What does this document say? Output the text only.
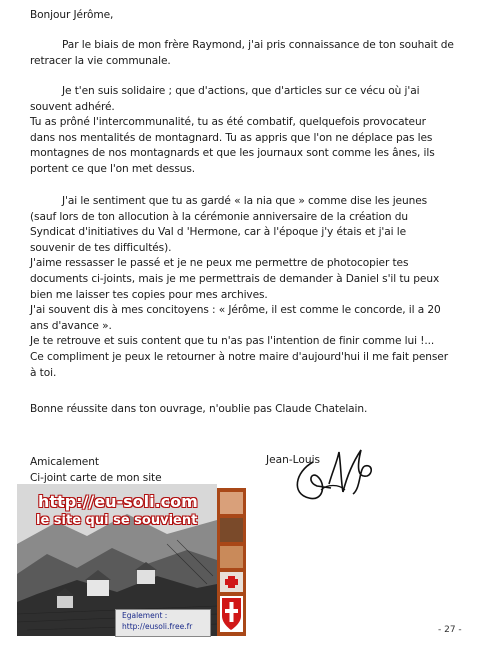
Bonjour Jérôme,
Par le biais de mon frère Raymond, j'ai pris connaissance de ton souhait de
retracer la vie communale.
Je t'en suis solidaire ; que d'actions, que d'articles sur ce vécu où j'ai
souvent adhéré.
Tu as prôné l'intercommunalité, tu as été combatif, quelquefois provocateur
dans nos mentalités de montagnard. Tu as appris que l'on ne déplace pas les
montagnes de nos montagnards et que les journaux sont comme les ânes, ils
portent ce que l'on met dessus.
J'ai le sentiment que tu as gardé « la nia que » comme dise les jeunes
(sauf lors de ton allocution à la cérémonie anniversaire de la création du
Syndicat d'initiatives du Val d 'Hermone, car à l'époque j'y étais et j'ai le
souvenir de tes difficultés).
J'aime ressasser le passé et je ne peux me permettre de photocopier tes
documents ci-joints, mais je me permettrais de demander à Daniel s'il tu peux
bien me laisser tes copies pour mes archives.
J'ai souvent dis à mes concitoyens : « Jérôme, il est comme le concorde, il a 20
ans d'avance ».
Je te retrouve et suis content que tu n'as pas l'intention de finir comme lui !...
Ce compliment je peux le retourner à notre maire d'aujourd'hui il me fait penser
à toi.
Bonne réussite dans ton ouvrage, n'oublie pas Claude Chatelain.
Amicalement
Ci-joint carte de mon site
Jean-Louis
http://eu-soli.com
le site qui se souvient
Egalement :
http://eusoli.free.fr	- 27 -
